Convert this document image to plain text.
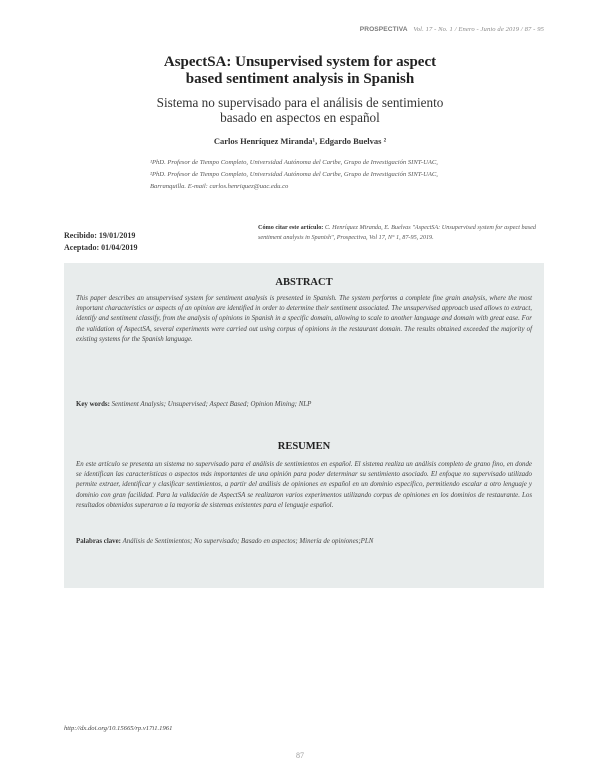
PROSPECTIVA Vol. 17 - No. 1 / Enero - Junio de 2019 / 87 - 95
AspectSA: Unsupervised system for aspect based sentiment analysis in Spanish
Sistema no supervisado para el análisis de sentimiento basado en aspectos en español
Carlos Henríquez Miranda¹, Edgardo Buelvas ²
¹PhD. Profesor de Tiempo Completo, Universidad Autónoma del Caribe, Grupo de Investigación SINT-UAC,
²PhD. Profesor de Tiempo Completo, Universidad Autónoma del Caribe, Grupo de Investigación SINT-UAC,
Barranquilla. E-mail: carlos.henriquez@uac.edu.co
Recibido: 19/01/2019
Aceptado: 01/04/2019
Cómo citar este artículo: C. Henríquez Miranda, E. Buelvas "AspectSA: Unsupervised system for aspect based sentiment analysis in Spanish", Prospectiva, Vol 17, N° 1, 87-95, 2019.
ABSTRACT
This paper describes an unsupervised system for sentiment analysis is presented in Spanish. The system performs a complete fine grain analysis, where the most important characteristics or aspects of an opinion are identified in order to determine their sentiment associated. The unsupervised approach used allows to extract, identify and sentiment classify, from the analysis of opinions in Spanish in a specific domain, allowing to scale to another language and domain with great ease. For the validation of AspectSA, several experiments were carried out using corpus of opinions in the restaurant domain. The results obtained exceeded the majority of existing systems for the Spanish language.
Key words: Sentiment Analysis; Unsupervised; Aspect Based; Opinion Mining; NLP
RESUMEN
En este artículo se presenta un sistema no supervisado para el análisis de sentimientos en español. El sistema realiza un análisis completo de grano fino, en donde se identifican las características o aspectos más importantes de una opinión para poder determinar su sentimiento asociado. El enfoque no supervisado utilizado permite extraer, identificar y clasificar sentimientos, a partir del análisis de opiniones en español en un dominio específico, permitiendo escalar a otro lenguaje y dominio con gran facilidad. Para la validación de AspectSA se realizaron varios experimentos utilizando corpus de opiniones en los dominios de restaurante. Los resultados obtenidos superaron a la mayoría de sistemas existentes para el lenguaje español.
Palabras clave: Análisis de Sentimientos; No supervisado; Basado en aspectos; Minería de opiniones;PLN
http://dx.doi.org/10.15665/rp.v17i1.1961
87
